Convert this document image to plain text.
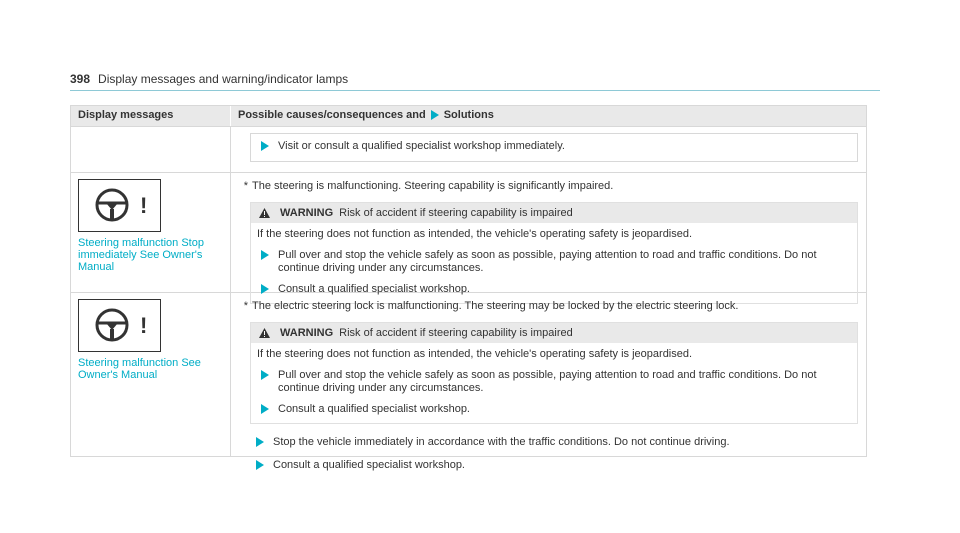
398 Display messages and warning/indicator lamps
Display messages	Possible causes/consequences and Solutions
Visit or consult a qualified specialist workshop immediately.
!
Steering malfunction Stop immediately See Owner's Manual
* The steering is malfunctioning. Steering capability is significantly impaired.
WARNING Risk of accident if steering capability is impaired
If the steering does not function as intended, the vehicle's operating safety is jeopardised.
Pull over and stop the vehicle safely as soon as possible, paying attention to road and traffic conditions. Do not continue driving under any circumstances.
Consult a qualified specialist workshop.
!
Steering malfunction See Owner's Manual
* The electric steering lock is malfunctioning. The steering may be locked by the electric steering lock.
WARNING Risk of accident if steering capability is impaired
If the steering does not function as intended, the vehicle's operating safety is jeopardised.
Pull over and stop the vehicle safely as soon as possible, paying attention to road and traffic conditions. Do not continue driving under any circumstances.
Consult a qualified specialist workshop.
Stop the vehicle immediately in accordance with the traffic conditions. Do not continue driving.
Consult a qualified specialist workshop.
